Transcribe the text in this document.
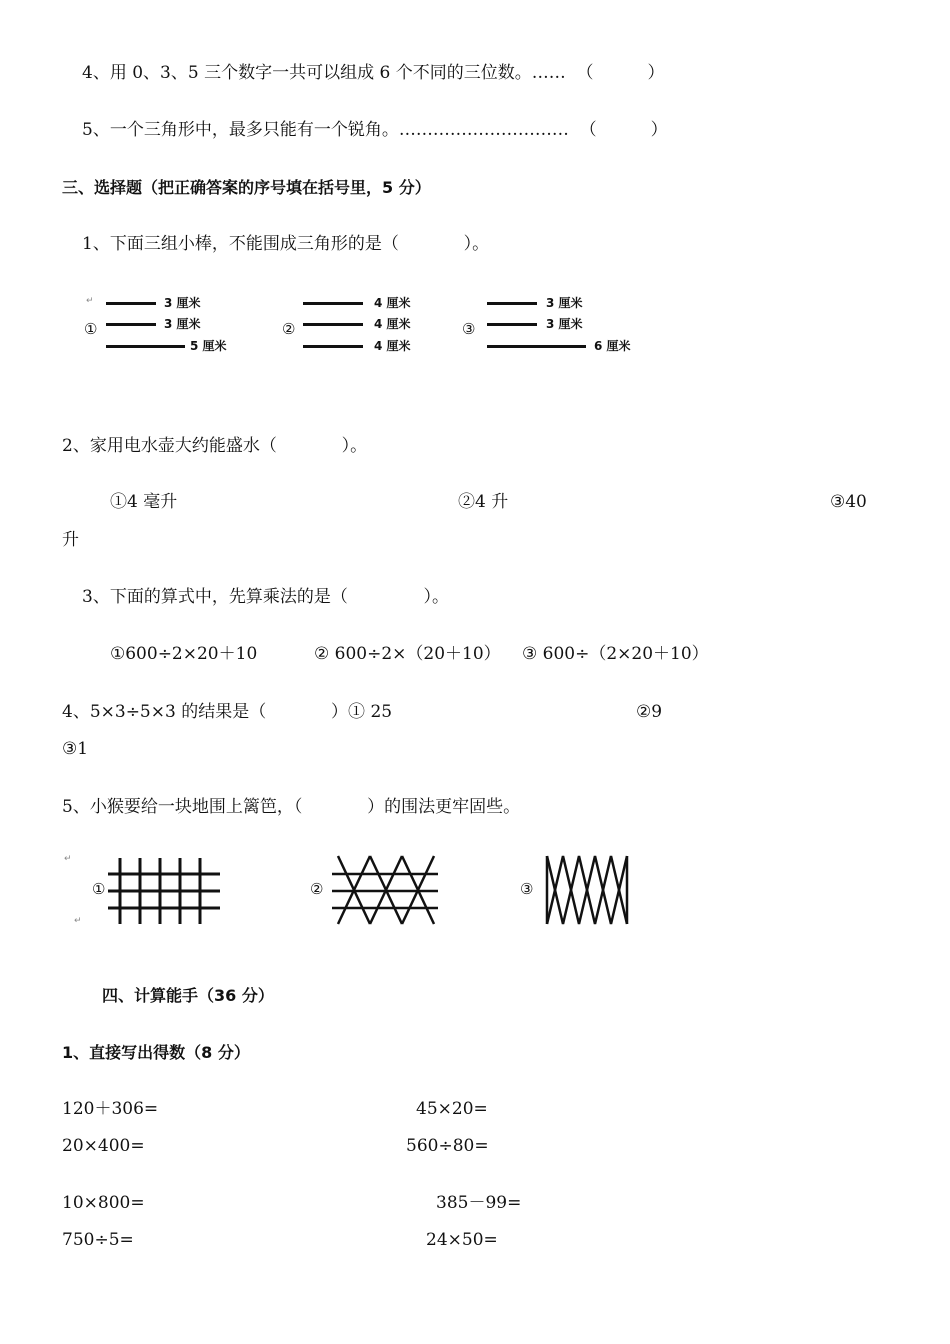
4、用 0、3、5 三个数字一共可以组成 6 个不同的三位数。……  （          ）
5、一个三角形中，最多只能有一个锐角。…………………………  （          ）
三、选择题（把正确答案的序号填在括号里，5 分）
1、下面三组小棒，不能围成三角形的是（            ）。
↵
①
3 厘米
3 厘米
5 厘米
②
4 厘米
4 厘米
4 厘米
③
3 厘米
3 厘米
6 厘米
2、家用电水壶大约能盛水（            ）。
①4 毫升	②4 升	③40
升
3、下面的算式中，先算乘法的是（              ）。
①600÷2×20＋10	② 600÷2×（20＋10） ③ 600÷（2×20＋10）
4、5×3÷5×3 的结果是（            ）① 25	②9
③1
5、小猴要给一块地围上篱笆，（            ）的围法更牢固些。
↵
↵
①	②	③
四、计算能手（36 分）
1、直接写出得数（8 分）
120＋306=	45×20=
20×400=	560÷80=
10×800=	385－99=
750÷5=	24×50=
